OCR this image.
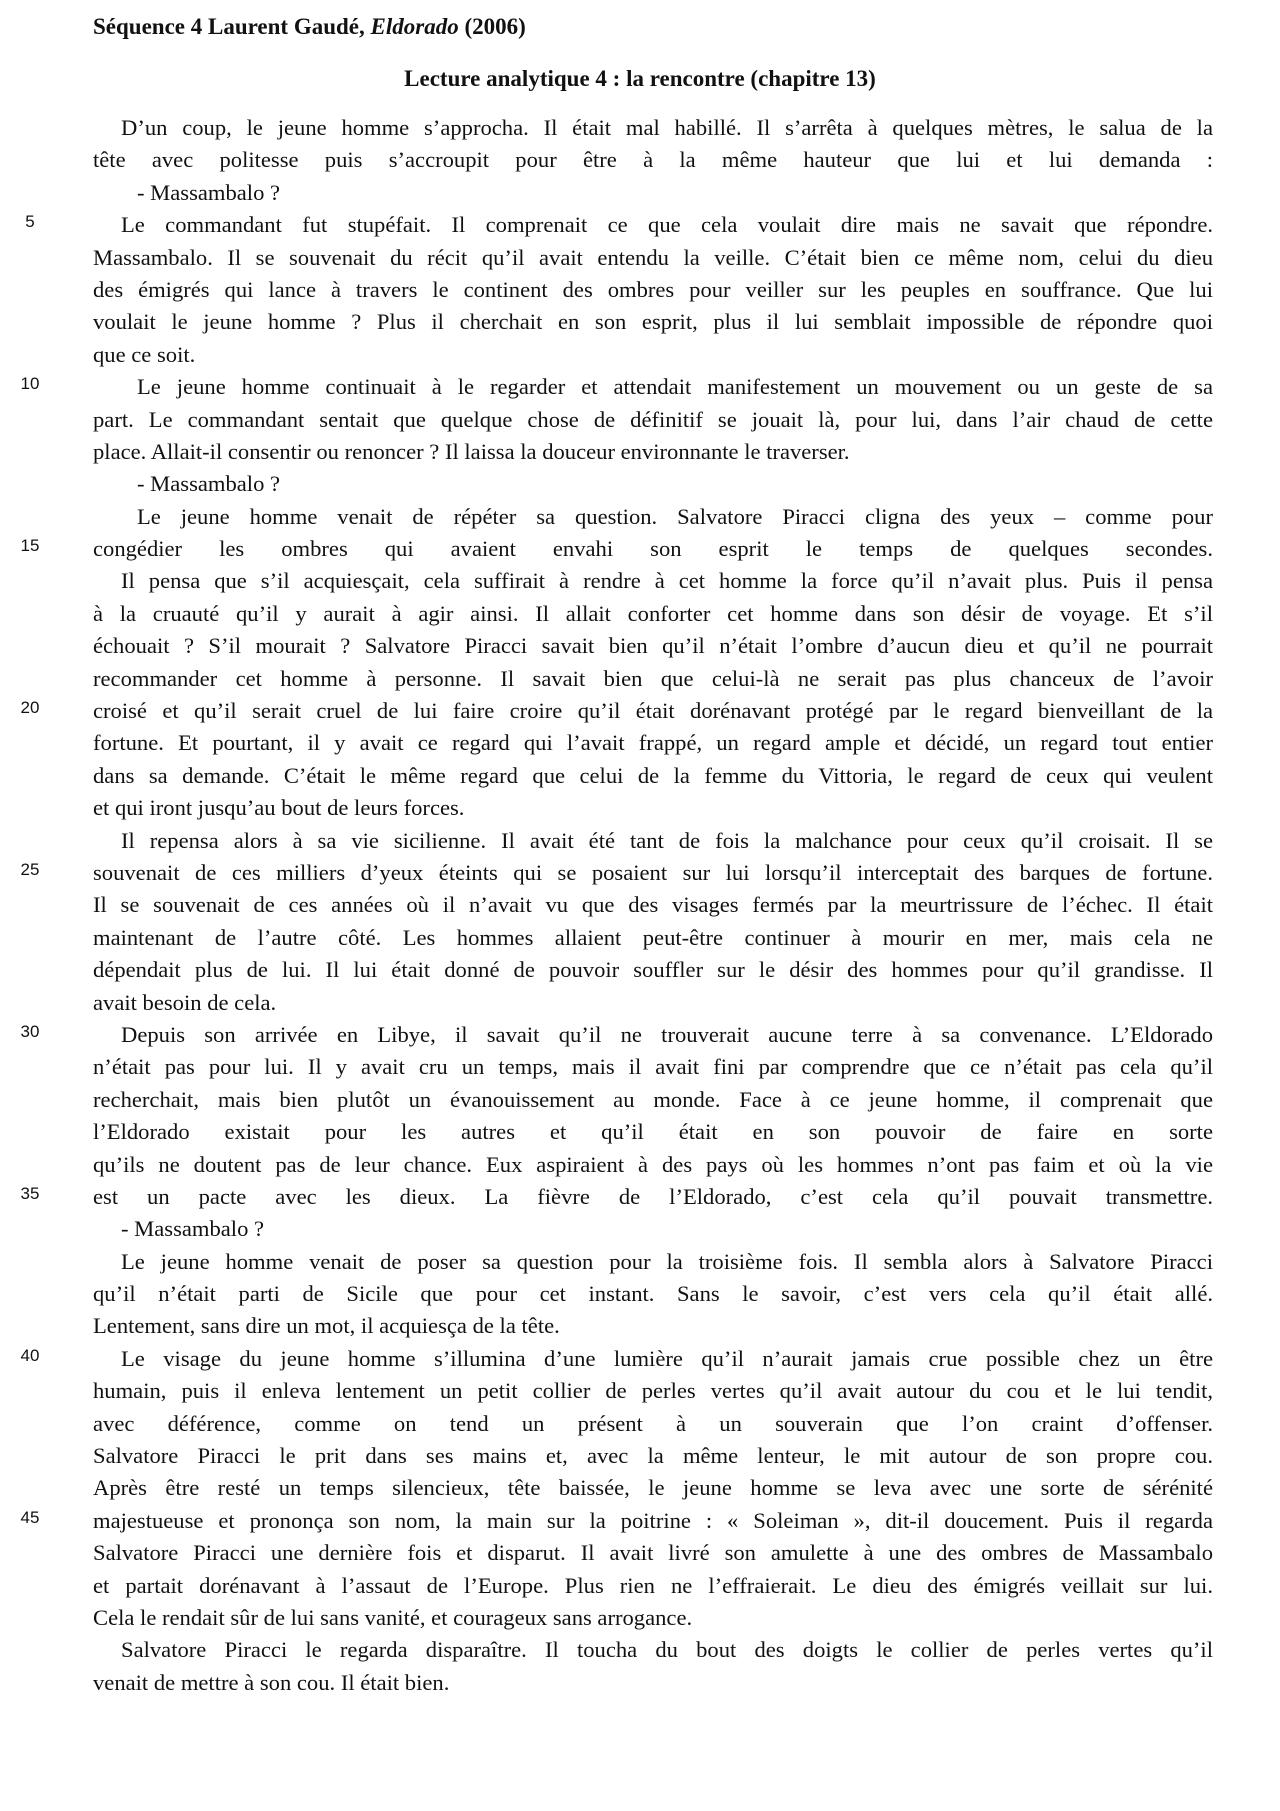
Séquence 4 Laurent Gaudé, Eldorado (2006)
Lecture analytique 4 : la rencontre (chapitre 13)
5
10
15
20
25
30
35
40
45
D’un coup, le jeune homme s’approcha. Il était mal habillé. Il s’arrêta à quelques mètres, le salua de la
tête avec politesse puis s’accroupit pour être à la même hauteur que lui et lui demanda :
- Massambalo ?
Le commandant fut stupéfait. Il comprenait ce que cela voulait dire mais ne savait que répondre.
Massambalo. Il se souvenait du récit qu’il avait entendu la veille. C’était bien ce même nom, celui du dieu
des émigrés qui lance à travers le continent des ombres pour veiller sur les peuples en souffrance. Que lui
voulait le jeune homme ? Plus il cherchait en son esprit, plus il lui semblait impossible de répondre quoi
que ce soit.
Le jeune homme continuait à le regarder et attendait manifestement un mouvement ou un geste de sa
part. Le commandant sentait que quelque chose de définitif se jouait là, pour lui, dans l’air chaud de cette
place. Allait-il consentir ou renoncer ? Il laissa la douceur environnante le traverser.
- Massambalo ?
Le jeune homme venait de répéter sa question. Salvatore Piracci cligna des yeux – comme pour
congédier les ombres qui avaient envahi son esprit le temps de quelques secondes.
Il pensa que s’il acquiesçait, cela suffirait à rendre à cet homme la force qu’il n’avait plus. Puis il pensa
à la cruauté qu’il y aurait à agir ainsi. Il allait conforter cet homme dans son désir de voyage. Et s’il
échouait ? S’il mourait ? Salvatore Piracci savait bien qu’il n’était l’ombre d’aucun dieu et qu’il ne pourrait
recommander cet homme à personne. Il savait bien que celui-là ne serait pas plus chanceux de l’avoir
croisé et qu’il serait cruel de lui faire croire qu’il était dorénavant protégé par le regard bienveillant de la
fortune. Et pourtant, il y avait ce regard qui l’avait frappé, un regard ample et décidé, un regard tout entier
dans sa demande. C’était le même regard que celui de la femme du Vittoria, le regard de ceux qui veulent
et qui iront jusqu’au bout de leurs forces.
Il repensa alors à sa vie sicilienne. Il avait été tant de fois la malchance pour ceux qu’il croisait. Il se
souvenait de ces milliers d’yeux éteints qui se posaient sur lui lorsqu’il interceptait des barques de fortune.
Il se souvenait de ces années où il n’avait vu que des visages fermés par la meurtrissure de l’échec. Il était
maintenant de l’autre côté. Les hommes allaient peut-être continuer à mourir en mer, mais cela ne
dépendait plus de lui. Il lui était donné de pouvoir souffler sur le désir des hommes pour qu’il grandisse. Il
avait besoin de cela.
Depuis son arrivée en Libye, il savait qu’il ne trouverait aucune terre à sa convenance. L’Eldorado
n’était pas pour lui. Il y avait cru un temps, mais il avait fini par comprendre que ce n’était pas cela qu’il
recherchait, mais bien plutôt un évanouissement au monde. Face à ce jeune homme, il comprenait que
l’Eldorado existait pour les autres et qu’il était en son pouvoir de faire en sorte
qu’ils ne doutent pas de leur chance. Eux aspiraient à des pays où les hommes n’ont pas faim et où la vie
est un pacte avec les dieux. La fièvre de l’Eldorado, c’est cela qu’il pouvait transmettre.
- Massambalo ?
Le jeune homme venait de poser sa question pour la troisième fois. Il sembla alors à Salvatore Piracci
qu’il n’était parti de Sicile que pour cet instant. Sans le savoir, c’est vers cela qu’il était allé.
Lentement, sans dire un mot, il acquiesça de la tête.
Le visage du jeune homme s’illumina d’une lumière qu’il n’aurait jamais crue possible chez un être
humain, puis il enleva lentement un petit collier de perles vertes qu’il avait autour du cou et le lui tendit,
avec déférence, comme on tend un présent à un souverain que l’on craint d’offenser.
Salvatore Piracci le prit dans ses mains et, avec la même lenteur, le mit autour de son propre cou.
Après être resté un temps silencieux, tête baissée, le jeune homme se leva avec une sorte de sérénité
majestueuse et prononça son nom, la main sur la poitrine : « Soleiman », dit-il doucement. Puis il regarda
Salvatore Piracci une dernière fois et disparut. Il avait livré son amulette à une des ombres de Massambalo
et partait dorénavant à l’assaut de l’Europe. Plus rien ne l’effraierait. Le dieu des émigrés veillait sur lui.
Cela le rendait sûr de lui sans vanité, et courageux sans arrogance.
Salvatore Piracci le regarda disparaître. Il toucha du bout des doigts le collier de perles vertes qu’il
venait de mettre à son cou. Il était bien.
